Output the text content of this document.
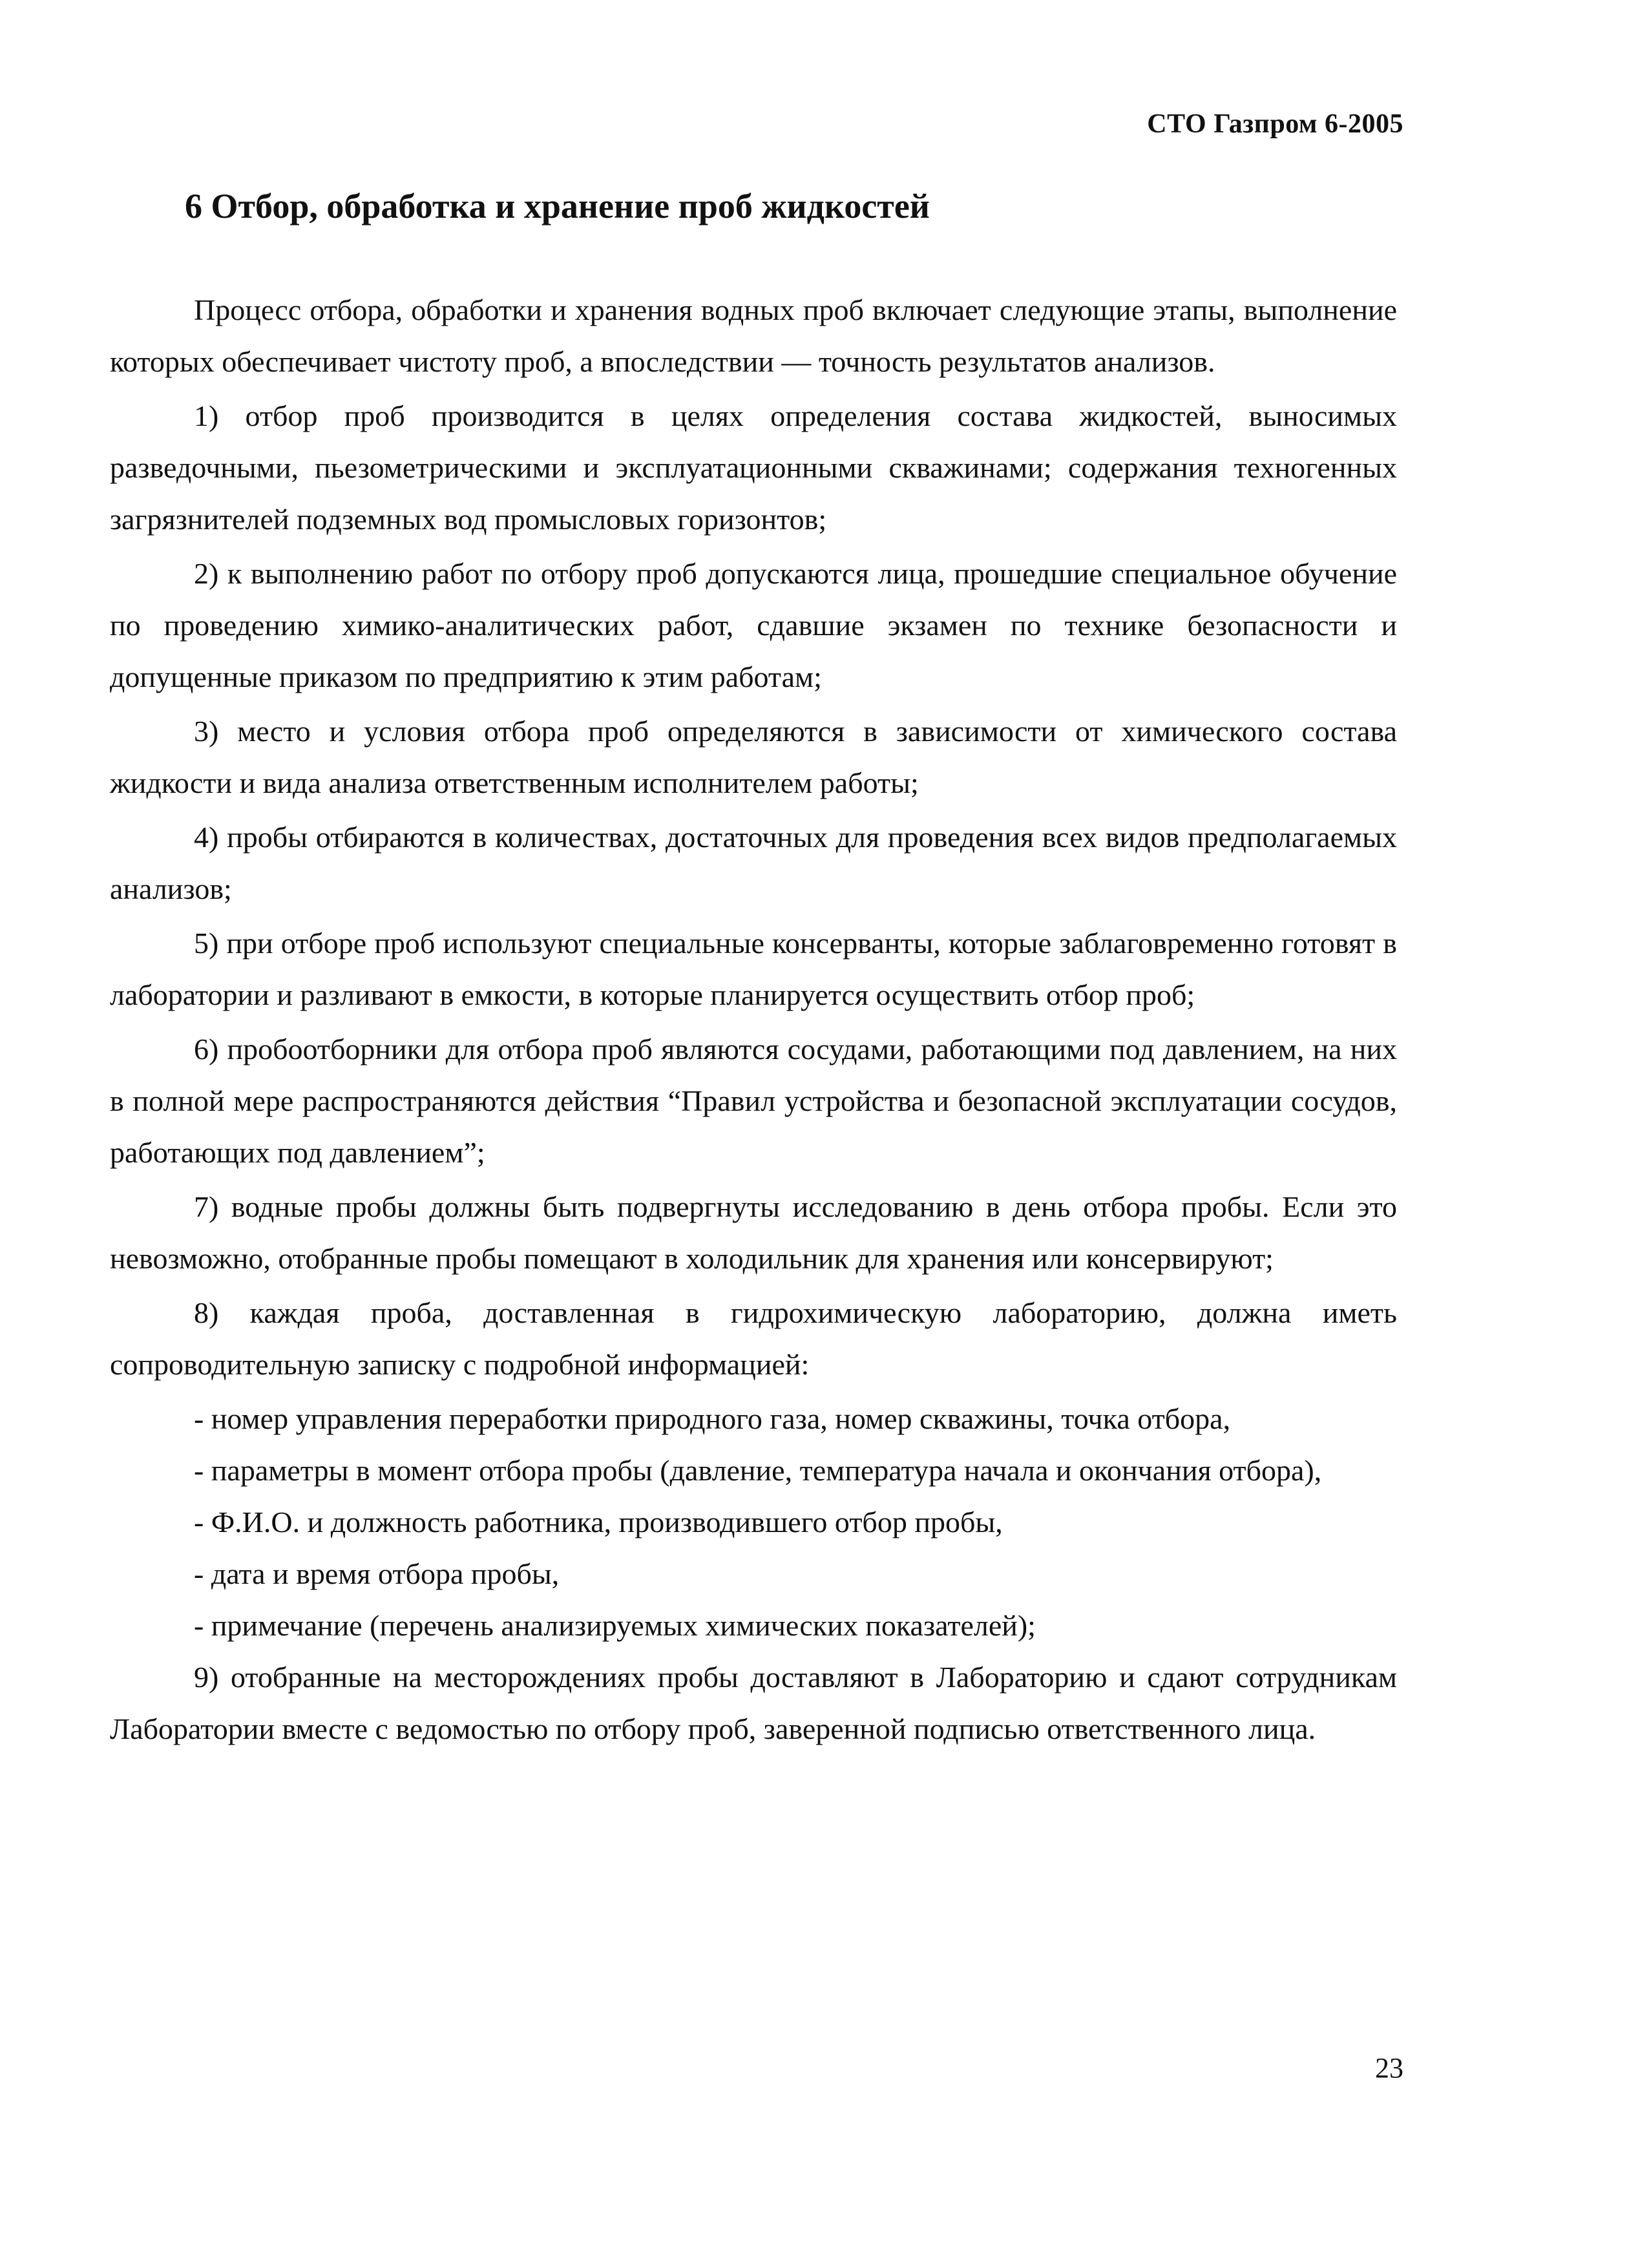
СТО Газпром 6-2005
6 Отбор, обработка и хранение проб жидкостей

Процесс отбора, обработки и хранения водных проб включает следующие этапы, выполнение которых обеспечивает чистоту проб, а впоследствии — точность результатов анализов.

1) отбор проб производится в целях определения состава жидкостей, выносимых разведочными, пьезометрическими и эксплуатационными скважинами; содержания техногенных загрязнителей подземных вод промысловых горизонтов;

2) к выполнению работ по отбору проб допускаются лица, прошедшие специальное обучение по проведению химико-аналитических работ, сдавшие экзамен по технике безопасности и допущенные приказом по предприятию к этим работам;

3) место и условия отбора проб определяются в зависимости от химического состава жидкости и вида анализа ответственным исполнителем работы;

4) пробы отбираются в количествах, достаточных для проведения всех видов предполагаемых анализов;

5) при отборе проб используют специальные консерванты, которые заблаговременно готовят в лаборатории и разливают в емкости, в которые планируется осуществить отбор проб;

6) пробоотборники для отбора проб являются сосудами, работающими под давлением, на них в полной мере распространяются действия “Правил устройства и безопасной эксплуатации сосудов, работающих под давлением”;

7) водные пробы должны быть подвергнуты исследованию в день отбора пробы. Если это невозможно, отобранные пробы помещают в холодильник для хранения или консервируют;

8) каждая проба, доставленная в гидрохимическую лабораторию, должна иметь сопроводительную записку с подробной информацией:

- номер управления переработки природного газа, номер скважины, точка отбора,
- параметры в момент отбора пробы (давление, температура начала и окончания отбора),
- Ф.И.О. и должность работника, производившего отбор пробы,
- дата и время отбора пробы,
- примечание (перечень анализируемых химических показателей);

9) отобранные на месторождениях пробы доставляют в Лабораторию и сдают сотрудникам Лаборатории вместе с ведомостью по отбору проб, заверенной подписью ответственного лица.

23
